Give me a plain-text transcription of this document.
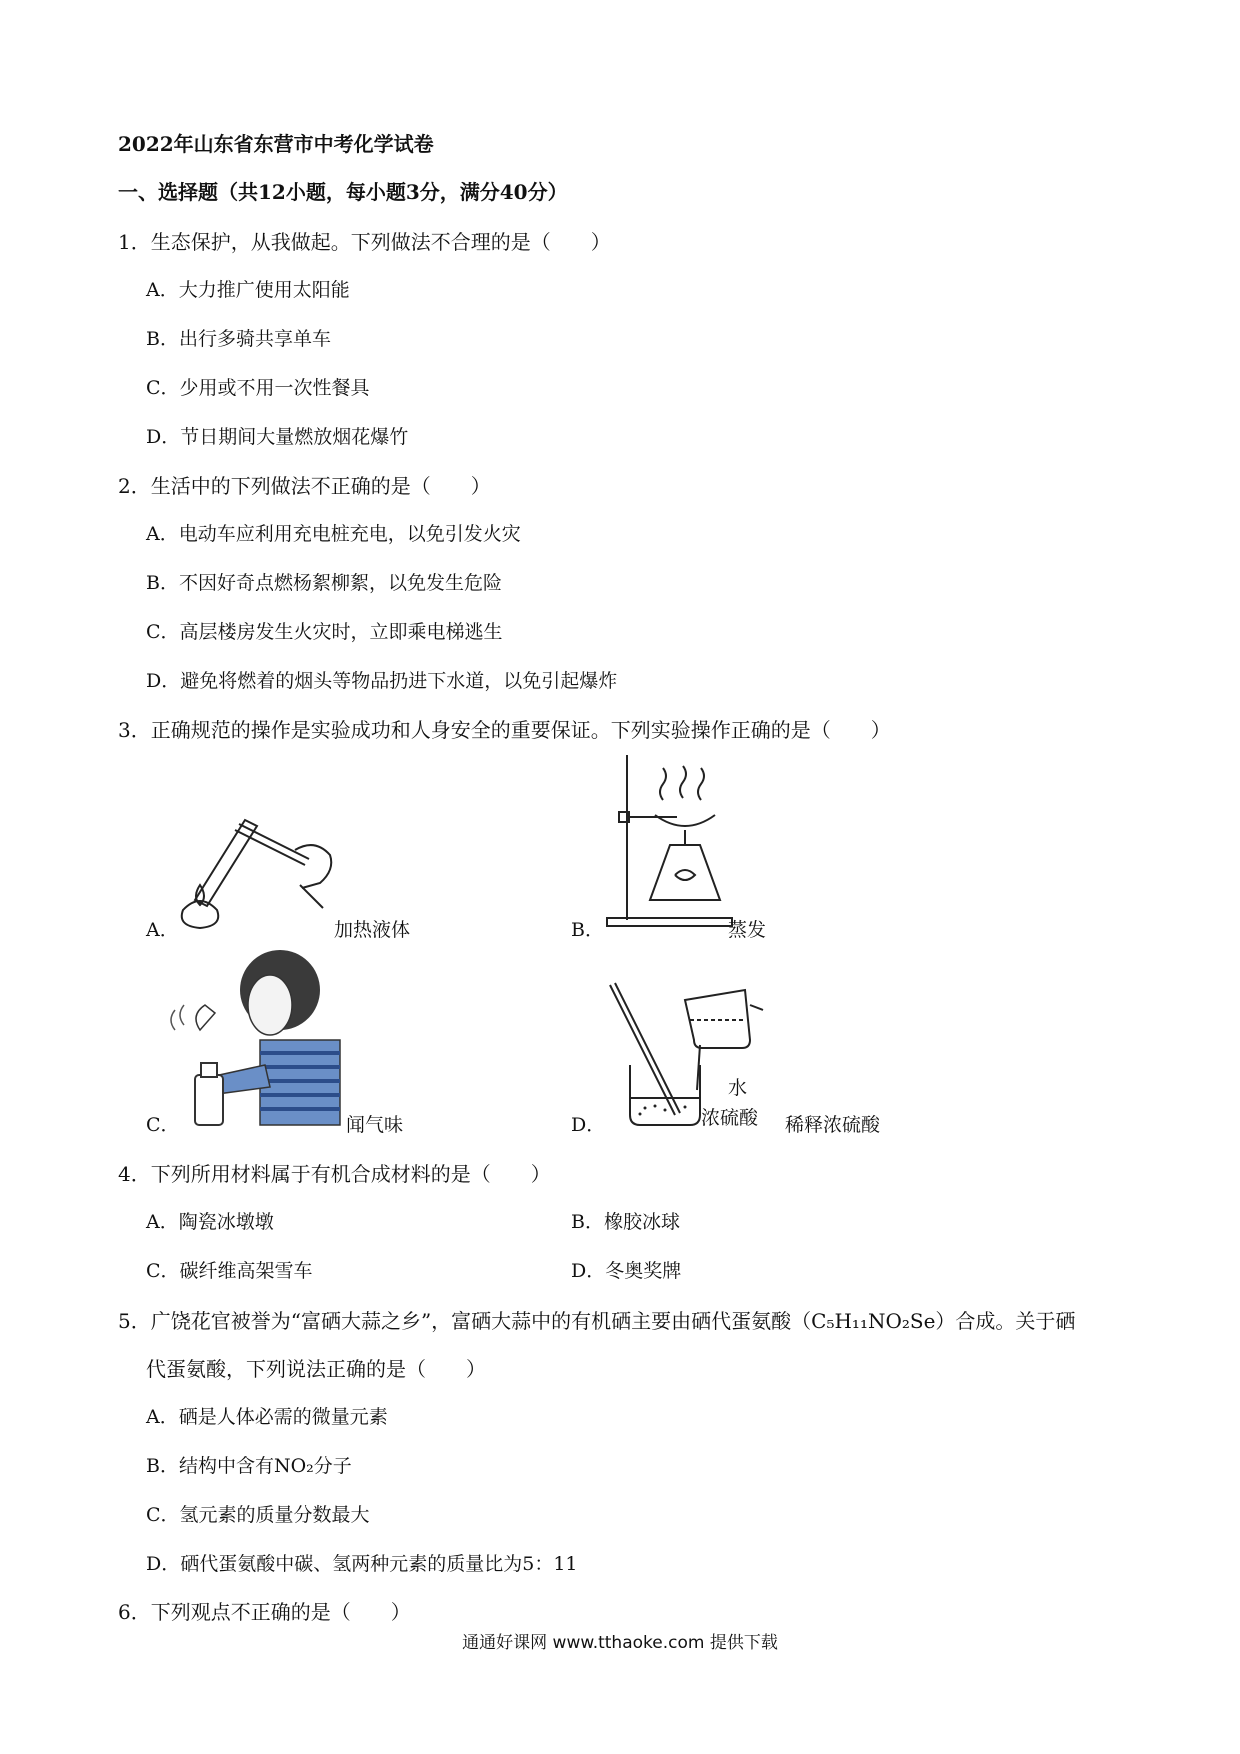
2022年山东省东营市中考化学试卷
一、选择题（共12小题，每小题3分，满分40分）
1．生态保护，从我做起。下列做法不合理的是（　　）
A．大力推广使用太阳能
B．出行多骑共享单车
C．少用或不用一次性餐具
D．节日期间大量燃放烟花爆竹
2．生活中的下列做法不正确的是（　　）
A．电动车应利用充电桩充电，以免引发火灾
B．不因好奇点燃杨絮柳絮，以免发生危险
C．高层楼房发生火灾时，立即乘电梯逃生
D．避免将燃着的烟头等物品扔进下水道，以免引起爆炸
3．正确规范的操作是实验成功和人身安全的重要保证。下列实验操作正确的是（　　）
A．	加热液体	B．	蒸发
C．	闻气味	D．
水
浓硫酸 稀释浓硫酸
4．下列所用材料属于有机合成材料的是（　　）
A．陶瓷冰墩墩	B．橡胶冰球
C．碳纤维高架雪车	D．冬奥奖牌
5．广饶花官被誉为“富硒大蒜之乡”，富硒大蒜中的有机硒主要由硒代蛋氨酸（C₅H₁₁NO₂Se）合成。关于硒
代蛋氨酸，下列说法正确的是（　　）
A．硒是人体必需的微量元素
B．结构中含有NO₂分子
C．氢元素的质量分数最大
D．硒代蛋氨酸中碳、氢两种元素的质量比为5：11
6．下列观点不正确的是（　　）
通通好课网 www.tthaoke.com 提供下载
